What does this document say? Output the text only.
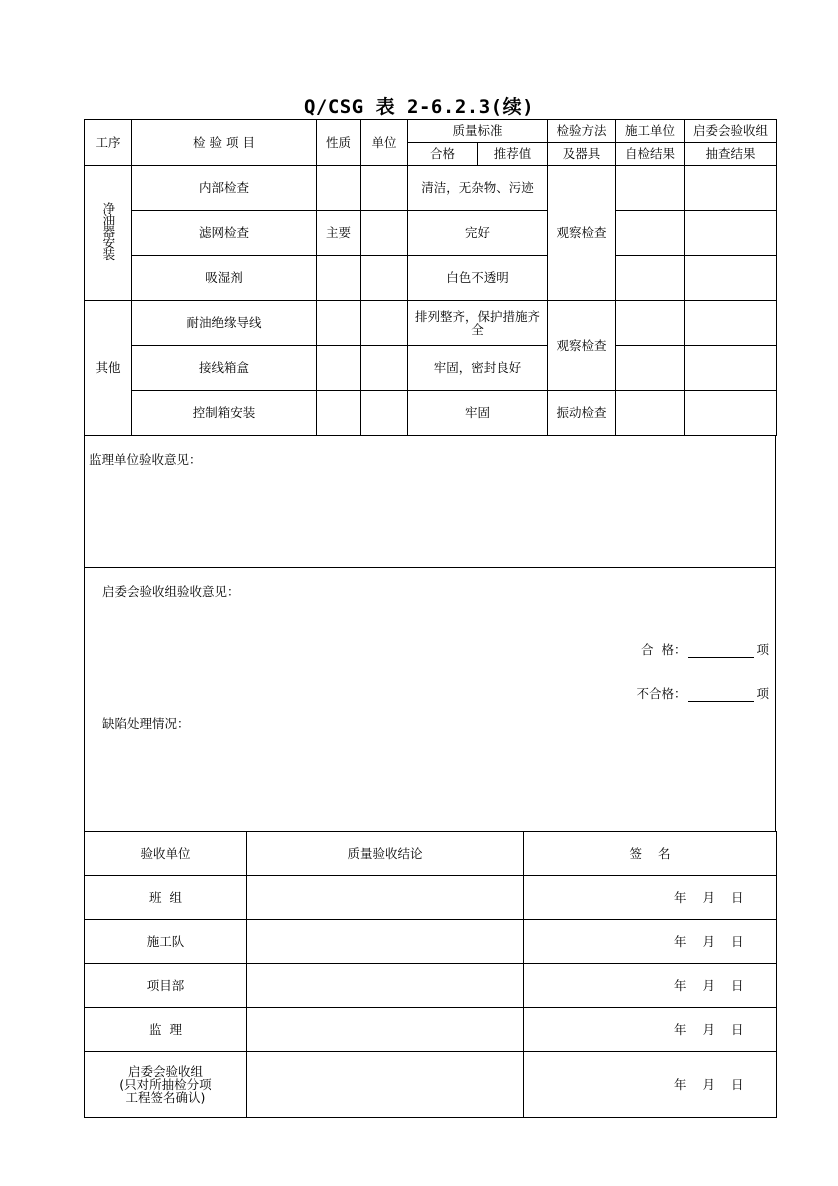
Q/CSG 表 2-6.2.3(续)
工序	检 验 项 目	性质	单位	质量标准		检验方法	施工单位	启委会验收组
				合格	推荐值	及器具	自检结果	抽查结果
净油器安装	内部检查			清洁，无杂物、污迹		观察检查		
	滤网检查	主要		完好				
	吸湿剂			白色不透明				
其他	耐油绝缘导线			排列整齐，保护措施齐全		观察检查		
	接线箱盒			牢固，密封良好				
	控制箱安装			牢固		振动检查		
监理单位验收意见：
启委会验收组验收意见：
合  格：	项
不合格：	项
缺陷处理情况：
验收单位	质量验收结论	签    名
班  组		年 月 日
施工队		年 月 日
项目部		年 月 日
监  理		年 月 日
启委会验收组
(只对所抽检分项
工程签名确认)		年 月 日
